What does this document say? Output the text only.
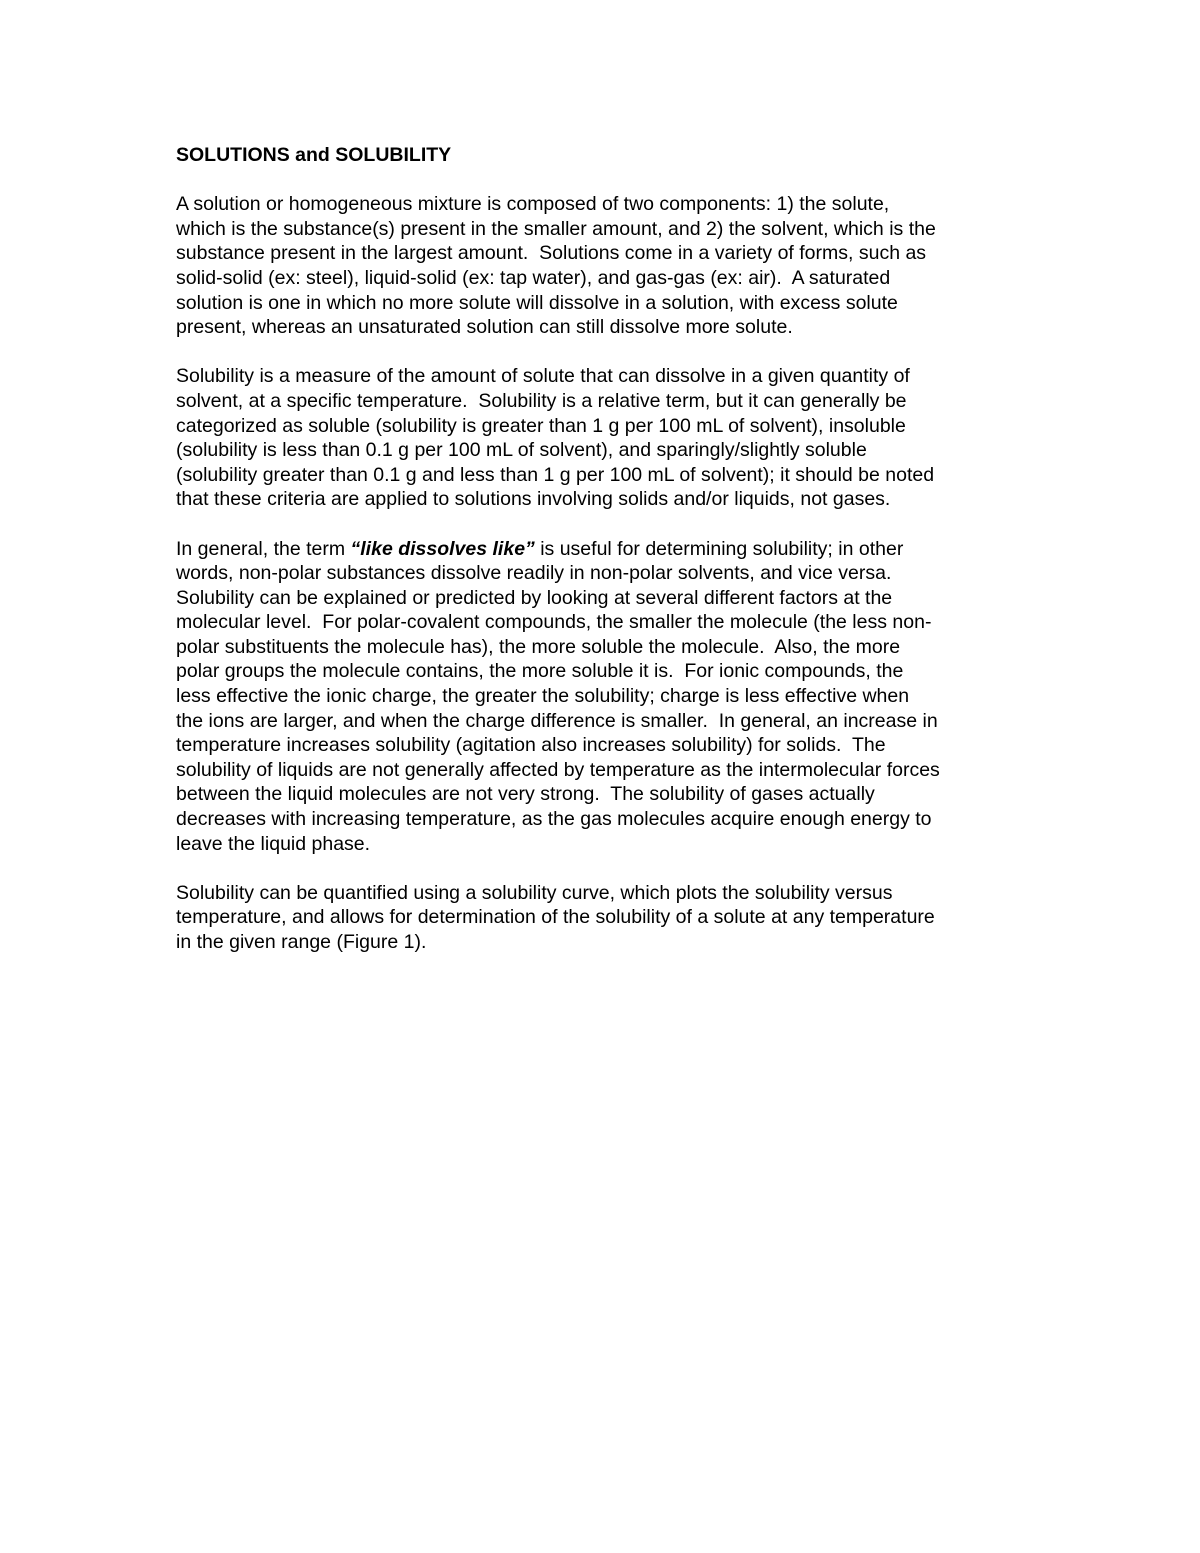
SOLUTIONS and SOLUBILITY
A solution or homogeneous mixture is composed of two components: 1) the solute,
which is the substance(s) present in the smaller amount, and 2) the solvent, which is the
substance present in the largest amount.  Solutions come in a variety of forms, such as
solid-solid (ex: steel), liquid-solid (ex: tap water), and gas-gas (ex: air).  A saturated
solution is one in which no more solute will dissolve in a solution, with excess solute
present, whereas an unsaturated solution can still dissolve more solute.
Solubility is a measure of the amount of solute that can dissolve in a given quantity of
solvent, at a specific temperature.  Solubility is a relative term, but it can generally be
categorized as soluble (solubility is greater than 1 g per 100 mL of solvent), insoluble
(solubility is less than 0.1 g per 100 mL of solvent), and sparingly/slightly soluble
(solubility greater than 0.1 g and less than 1 g per 100 mL of solvent); it should be noted
that these criteria are applied to solutions involving solids and/or liquids, not gases.
In general, the term “like dissolves like” is useful for determining solubility; in other
words, non-polar substances dissolve readily in non-polar solvents, and vice versa.
Solubility can be explained or predicted by looking at several different factors at the
molecular level.  For polar-covalent compounds, the smaller the molecule (the less non-
polar substituents the molecule has), the more soluble the molecule.  Also, the more
polar groups the molecule contains, the more soluble it is.  For ionic compounds, the
less effective the ionic charge, the greater the solubility; charge is less effective when
the ions are larger, and when the charge difference is smaller.  In general, an increase in
temperature increases solubility (agitation also increases solubility) for solids.  The
solubility of liquids are not generally affected by temperature as the intermolecular forces
between the liquid molecules are not very strong.  The solubility of gases actually
decreases with increasing temperature, as the gas molecules acquire enough energy to
leave the liquid phase.
Solubility can be quantified using a solubility curve, which plots the solubility versus
temperature, and allows for determination of the solubility of a solute at any temperature
in the given range (Figure 1).
